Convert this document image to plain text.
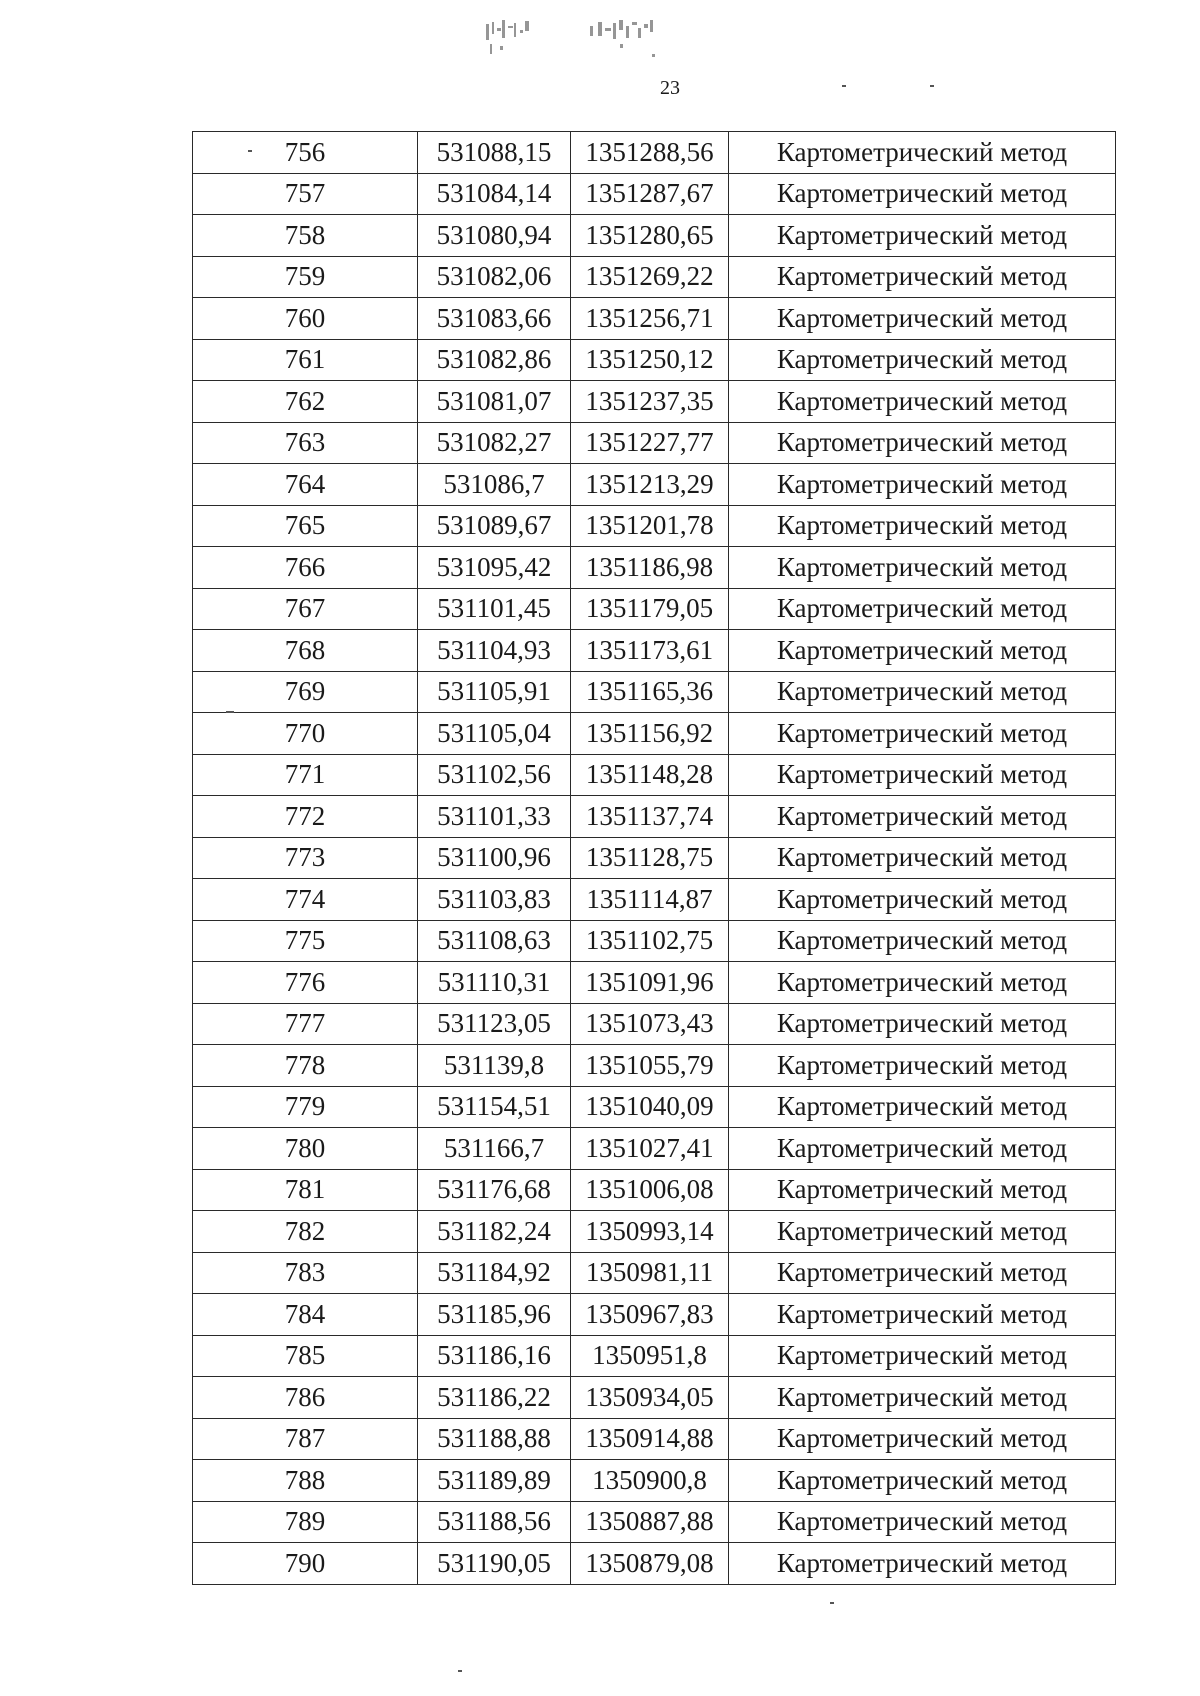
23
756	531088,15	1351288,56	Картометрический метод
757	531084,14	1351287,67	Картометрический метод
758	531080,94	1351280,65	Картометрический метод
759	531082,06	1351269,22	Картометрический метод
760	531083,66	1351256,71	Картометрический метод
761	531082,86	1351250,12	Картометрический метод
762	531081,07	1351237,35	Картометрический метод
763	531082,27	1351227,77	Картометрический метод
764	531086,7	1351213,29	Картометрический метод
765	531089,67	1351201,78	Картометрический метод
766	531095,42	1351186,98	Картометрический метод
767	531101,45	1351179,05	Картометрический метод
768	531104,93	1351173,61	Картометрический метод
769	531105,91	1351165,36	Картометрический метод
770	531105,04	1351156,92	Картометрический метод
771	531102,56	1351148,28	Картометрический метод
772	531101,33	1351137,74	Картометрический метод
773	531100,96	1351128,75	Картометрический метод
774	531103,83	1351114,87	Картометрический метод
775	531108,63	1351102,75	Картометрический метод
776	531110,31	1351091,96	Картометрический метод
777	531123,05	1351073,43	Картометрический метод
778	531139,8	1351055,79	Картометрический метод
779	531154,51	1351040,09	Картометрический метод
780	531166,7	1351027,41	Картометрический метод
781	531176,68	1351006,08	Картометрический метод
782	531182,24	1350993,14	Картометрический метод
783	531184,92	1350981,11	Картометрический метод
784	531185,96	1350967,83	Картометрический метод
785	531186,16	1350951,8	Картометрический метод
786	531186,22	1350934,05	Картометрический метод
787	531188,88	1350914,88	Картометрический метод
788	531189,89	1350900,8	Картометрический метод
789	531188,56	1350887,88	Картометрический метод
790	531190,05	1350879,08	Картометрический метод
